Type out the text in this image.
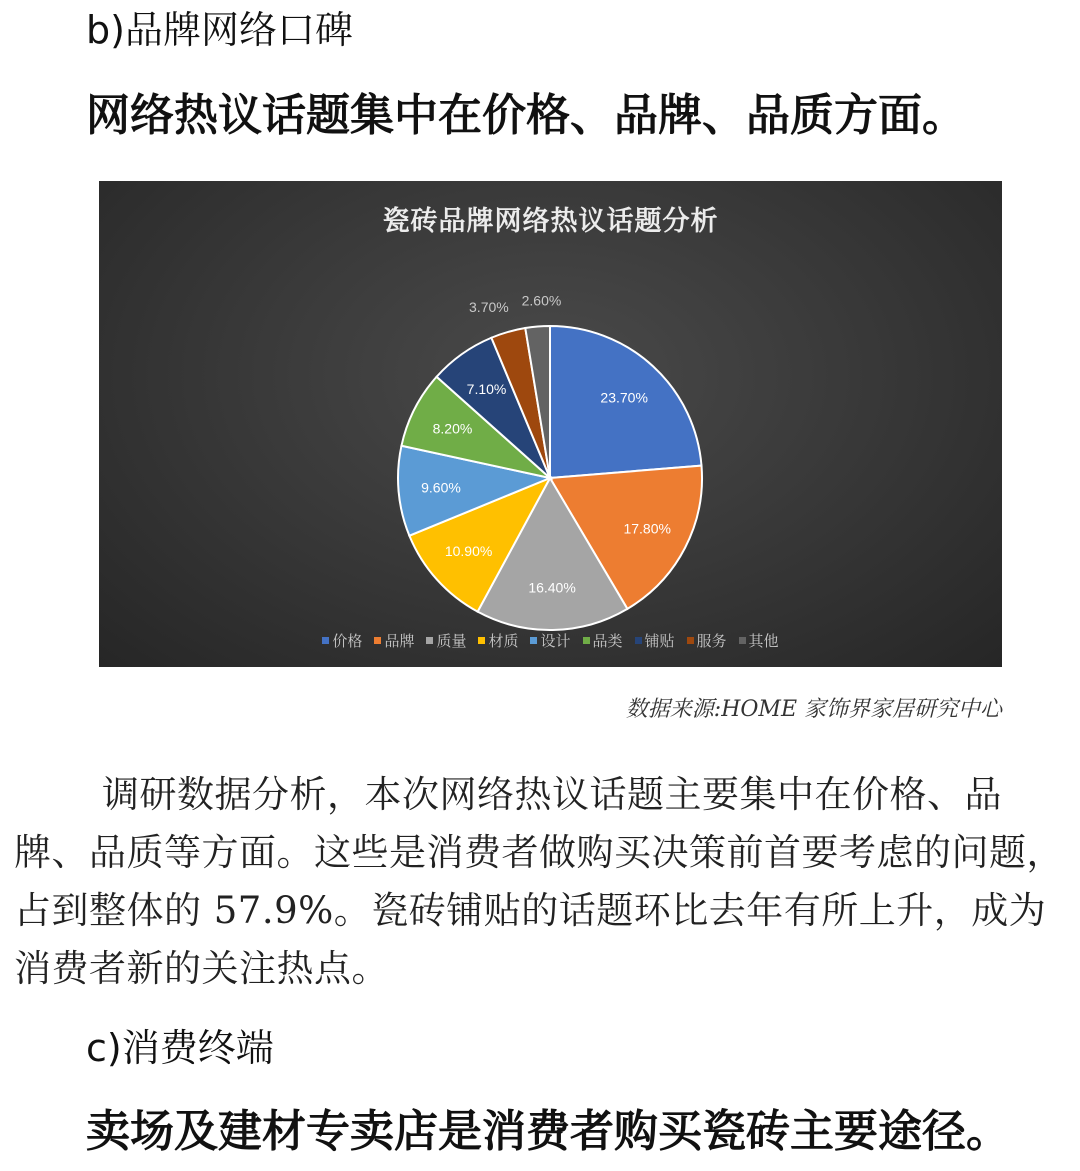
b)品牌网络口碑
网络热议话题集中在价格、品牌、品质方面。
瓷砖品牌网络热议话题分析
23.70%
17.80%
16.40%
10.90%
9.60%
8.20%
7.10%
3.70% 2.60%
价格 品牌 质量 材质 设计 品类 铺贴 服务 其他
数据来源:HOME 家饰界家居研究中心
调研数据分析，本次网络热议话题主要集中在价格、品牌、品质等方面。这些是消费者做购买决策前首要考虑的问题，占到整体的 57.9%。瓷砖铺贴的话题环比去年有所上升，成为消费者新的关注热点。
c)消费终端
卖场及建材专卖店是消费者购买瓷砖主要途径。
